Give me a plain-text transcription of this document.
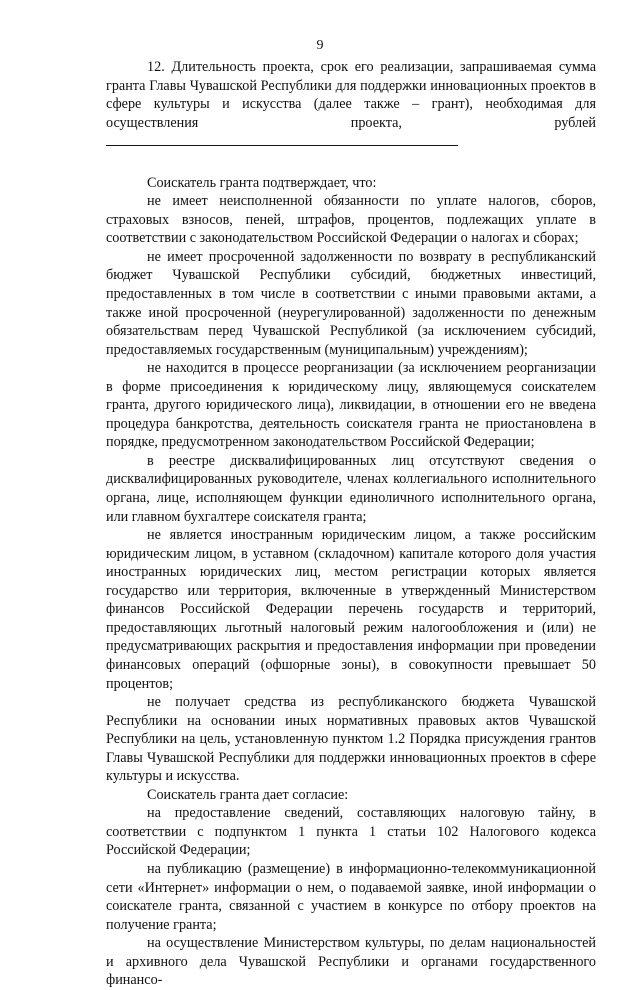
9

12. Длительность проекта, срок его реализации, запрашиваемая сумма гранта Главы Чувашской Республики для поддержки инновационных проектов в сфере культуры и искусства (далее также – грант), необходимая для осуществления проекта, рублей

Соискатель гранта подтверждает, что:

не имеет неисполненной обязанности по уплате налогов, сборов, страховых взносов, пеней, штрафов, процентов, подлежащих уплате в соответствии с законодательством Российской Федерации о налогах и сборах;

не имеет просроченной задолженности по возврату в республиканский бюджет Чувашской Республики субсидий, бюджетных инвестиций, предоставленных в том числе в соответствии с иными правовыми актами, а также иной просроченной (неурегулированной) задолженности по денежным обязательствам перед Чувашской Республикой (за исключением субсидий, предоставляемых государственным (муниципальным) учреждениям);

не находится в процессе реорганизации (за исключением реорганизации в форме присоединения к юридическому лицу, являющемуся соискателем гранта, другого юридического лица), ликвидации, в отношении его не введена процедура банкротства, деятельность соискателя гранта не приостановлена в порядке, предусмотренном законодательством Российской Федерации;

в реестре дисквалифицированных лиц отсутствуют сведения о дисквалифицированных руководителе, членах коллегиального исполнительного органа, лице, исполняющем функции единоличного исполнительного органа, или главном бухгалтере соискателя гранта;

не является иностранным юридическим лицом, а также российским юридическим лицом, в уставном (складочном) капитале которого доля участия иностранных юридических лиц, местом регистрации которых является государство или территория, включенные в утвержденный Министерством финансов Российской Федерации перечень государств и территорий, предоставляющих льготный налоговый режим налогообложения и (или) не предусматривающих раскрытия и предоставления информации при проведении финансовых операций (офшорные зоны), в совокупности превышает 50 процентов;

не получает средства из республиканского бюджета Чувашской Республики на основании иных нормативных правовых актов Чувашской Республики на цель, установленную пунктом 1.2 Порядка присуждения грантов Главы Чувашской Республики для поддержки инновационных проектов в сфере культуры и искусства.

Соискатель гранта дает согласие:

на предоставление сведений, составляющих налоговую тайну, в соответствии с подпунктом 1 пункта 1 статьи 102 Налогового кодекса Российской Федерации;

на публикацию (размещение) в информационно-телекоммуникационной сети «Интернет» информации о нем, о подаваемой заявке, иной информации о соискателе гранта, связанной с участием в конкурсе по отбору проектов на получение гранта;

на осуществление Министерством культуры, по делам национальностей и архивного дела Чувашской Республики и органами государственного финансо-
